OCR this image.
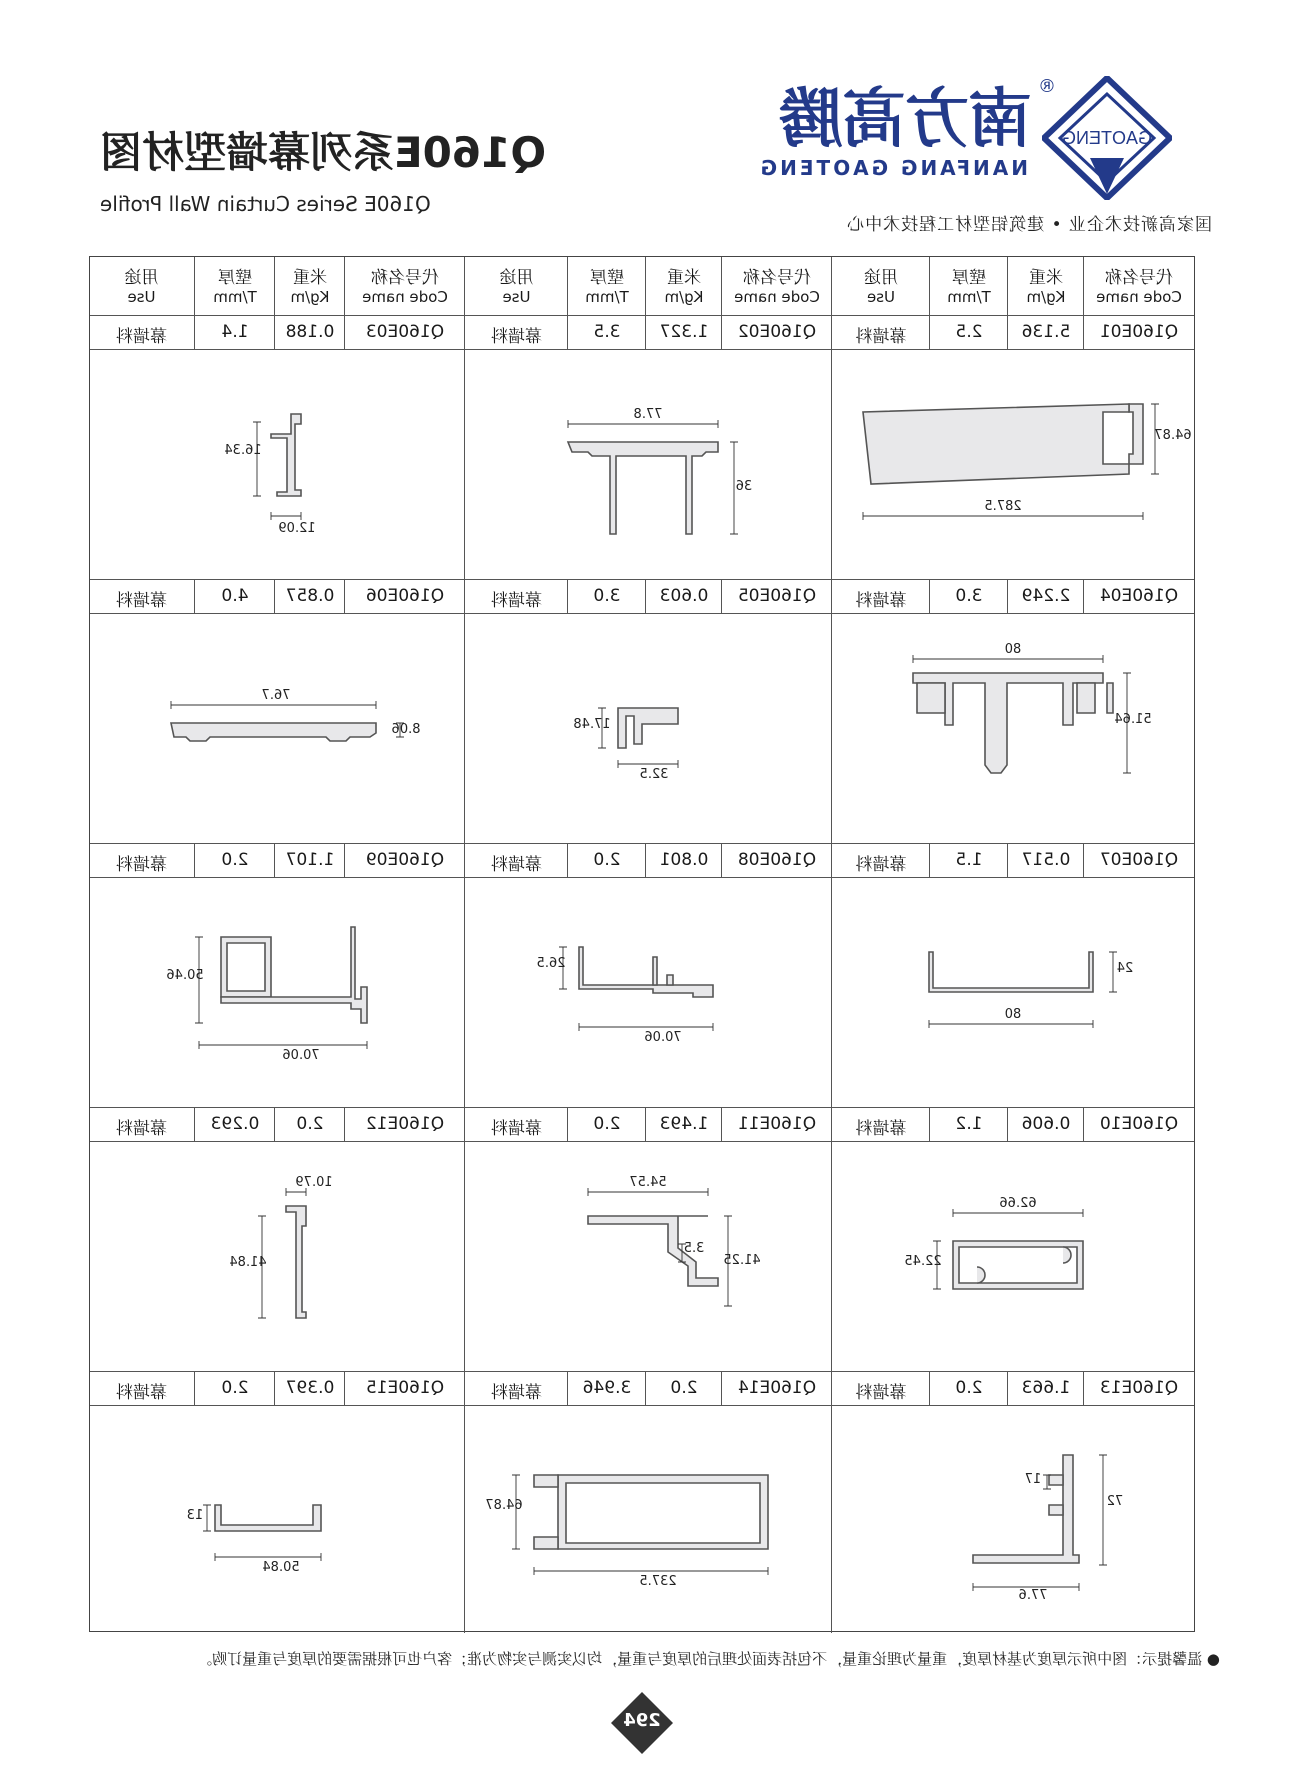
GAOTENG
®
南方高腾
NANFANG GAOTENG
国家高新技术企业 • 建筑铝型材工程技术中心
Q160E系列幕墙型材图
Q160E Series Curtain Wall Profile
代号名称
Code name
Q160E01
Q160E04
Q160E07
Q160E10
Q160E13
米重
Kg/m
5.136
2.249
0.517
0.606
1.663
壁厚
T/mm
2.5
3.0
1.5
1.2
2.0
用途
Use
幕墙料
幕墙料
幕墙料
幕墙料
幕墙料
代号名称
Code name
Q160E02
Q160E05
Q160E08
Q160E11
Q160E14
米重
Kg/m
1.327
0.603
0.801
1.493
2.0
壁厚
T/mm
3.5
3.0
2.0
2.0
3.946
用途
Use
幕墙料
幕墙料
幕墙料
幕墙料
幕墙料
代号名称
Code name
Q160E03
Q160E06
Q160E09
Q160E12
Q160E15
米重
Kg/m
0.188
0.857
1.107
2.0
0.397
壁厚
T/mm
1.4
4.0
2.0
0.293
2.0
用途
Use
幕墙料
幕墙料
幕墙料
幕墙料
幕墙料
64.87
287.5
77.8
36
16.34
12.09
80
51.64
17.48
32.5
76.7
8.06
24
80
26.5
70.06
50.46
70.06
62.66
22.45
54.57
41.25
3.5
10.79
41.84
72
17
77.6
64.87
237.5
13
50.84
● 温馨提示：图中所示厚度为基材厚度，重量为理论重量，不包括表面处理后的厚度与重量，均以实测与实物为准；客户也可根据需要的厚度与重量订购。
294
